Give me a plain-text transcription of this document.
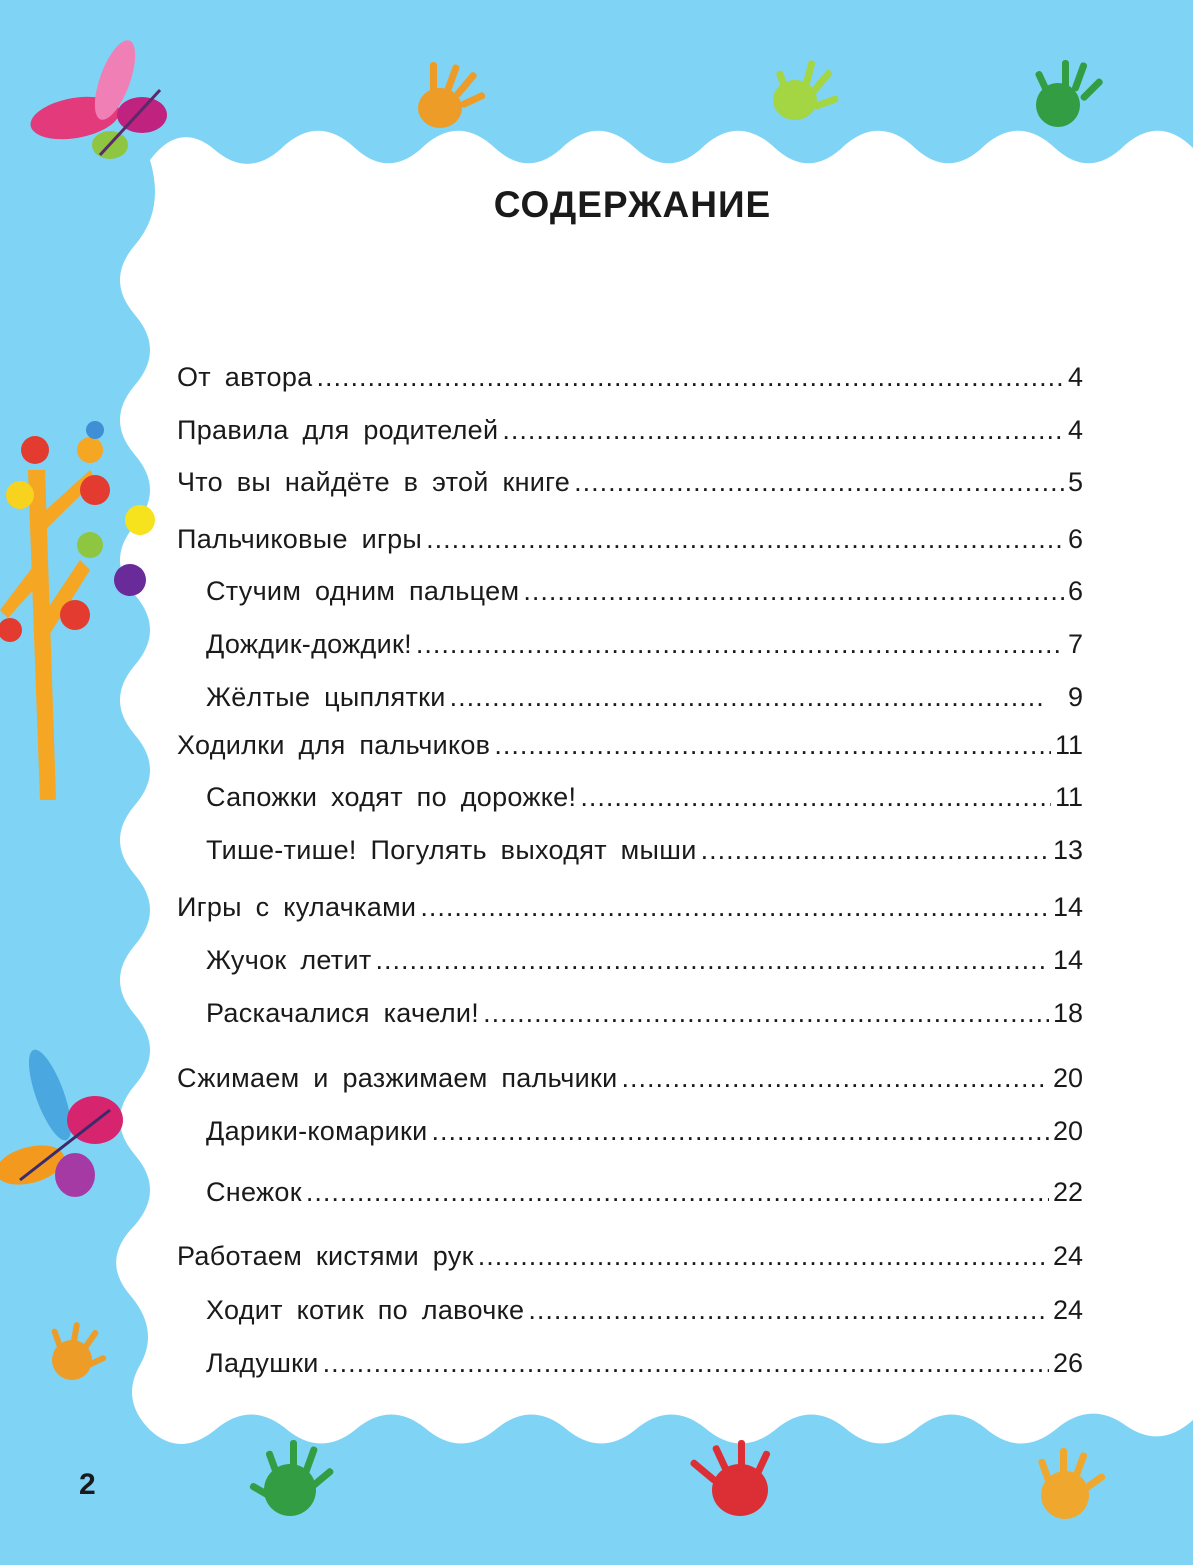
СОДЕРЖАНИЕ
От автора .....	4
Правила для родителей .....	4
Что вы найдёте в этой книге .....	5
Пальчиковые игры .....	6
Стучим одним пальцем .....	6
Дождик-дождик! .....	7
Жёлтые цыплятки .....	9
Ходилки для пальчиков .....	11
Сапожки ходят по дорожке! .....	11
Тише-тише! Погулять выходят мыши .....	13
Игры с кулачками .....	14
Жучок летит .....	14
Раскачалися качели! .....	18
Сжимаем и разжимаем пальчики .....	20
Дарики-комарики .....	20
Снежок .....	22
Работаем кистями рук .....	24
Ходит котик по лавочке .....	24
Ладушки .....	26
2
